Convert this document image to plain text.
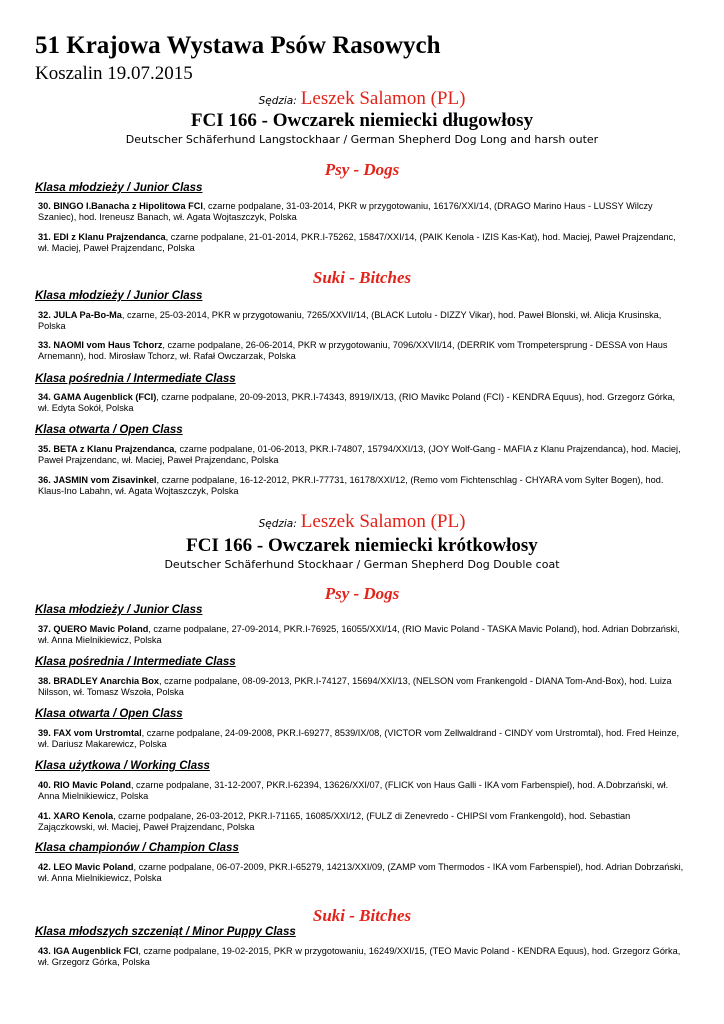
51 Krajowa Wystawa Psów Rasowych
Koszalin 19.07.2015
Sędzia: Leszek Salamon (PL)
FCI 166 - Owczarek niemiecki długowłosy
Deutscher Schäferhund Langstockhaar / German Shepherd Dog Long and harsh outer
Psy - Dogs
Klasa młodzieży / Junior Class
30. BINGO I.Banacha z Hipolitowa FCI, czarne podpalane, 31-03-2014, PKR w przygotowaniu, 16176/XXI/14, (DRAGO Marino Haus - LUSSY Wilczy Szaniec), hod. Ireneusz Banach, wł. Agata Wojtaszczyk, Polska
31. EDI z Klanu Prajzendanca, czarne podpalane, 21-01-2014, PKR.I-75262, 15847/XXI/14, (PAIK Kenola - IZIS Kas-Kat), hod. Maciej, Paweł Prajzendanc, wł. Maciej, Paweł Prajzendanc, Polska
Suki - Bitches
Klasa młodzieży / Junior Class
32. JULA Pa-Bo-Ma, czarne, 25-03-2014, PKR w przygotowaniu, 7265/XXVII/14, (BLACK Lutolu - DIZZY Vikar), hod. Paweł Blonski, wł. Alicja Krusinska, Polska
33. NAOMI vom Haus Tchorz, czarne podpalane, 26-06-2014, PKR w przygotowaniu, 7096/XXVII/14, (DERRIK vom Trompetersprung - DESSA von Haus Arnemann), hod. Mirosław Tchorz, wł. Rafał Owczarzak, Polska
Klasa pośrednia / Intermediate Class
34. GAMA Augenblick (FCI), czarne podpalane, 20-09-2013, PKR.I-74343, 8919/IX/13, (RIO Mavikc Poland (FCI) - KENDRA Equus), hod. Grzegorz Górka, wł. Edyta Sokół, Polska
Klasa otwarta / Open Class
35. BETA z Klanu Prajzendanca, czarne podpalane, 01-06-2013, PKR.I-74807, 15794/XXI/13, (JOY Wolf-Gang - MAFIA z Klanu Prajzendanca), hod. Maciej, Paweł Prajzendanc, wł. Maciej, Paweł Prajzendanc, Polska
36. JASMIN vom Zisavinkel, czarne podpalane, 16-12-2012, PKR.I-77731, 16178/XXI/12, (Remo vom Fichtenschlag - CHYARA vom Sylter Bogen), hod. Klaus-Ino Labahn, wł. Agata Wojtaszczyk, Polska
Sędzia: Leszek Salamon (PL)
FCI 166 - Owczarek niemiecki krótkowłosy
Deutscher Schäferhund Stockhaar / German Shepherd Dog Double coat
Psy - Dogs
Klasa młodzieży / Junior Class
37. QUERO Mavic Poland, czarne podpalane, 27-09-2014, PKR.I-76925, 16055/XXI/14, (RIO Mavic Poland - TASKA Mavic Poland), hod. Adrian Dobrzański, wł. Anna Mielnikiewicz, Polska
Klasa pośrednia / Intermediate Class
38. BRADLEY Anarchia Box, czarne podpalane, 08-09-2013, PKR.I-74127, 15694/XXI/13, (NELSON vom Frankengold - DIANA Tom-And-Box), hod. Luiza Nilsson, wł. Tomasz Wszoła, Polska
Klasa otwarta / Open Class
39. FAX vom Urstromtal, czarne podpalane, 24-09-2008, PKR.I-69277, 8539/IX/08, (VICTOR vom Zellwaldrand - CINDY vom Urstromtal), hod. Fred Heinze, wł. Dariusz Makarewicz, Polska
Klasa użytkowa / Working Class
40. RIO Mavic Poland, czarne podpalane, 31-12-2007, PKR.I-62394, 13626/XXI/07, (FLICK von Haus Galli - IKA vom Farbenspiel), hod. A.Dobrzański, wł. Anna Mielnikiewicz, Polska
41. XARO Kenola, czarne podpalane, 26-03-2012, PKR.I-71165, 16085/XXI/12, (FULZ di Zenevredo - CHIPSI vom Frankengold), hod. Sebastian Zajączkowski, wł. Maciej, Paweł Prajzendanc, Polska
Klasa championów / Champion Class
42. LEO Mavic Poland, czarne podpalane, 06-07-2009, PKR.I-65279, 14213/XXI/09, (ZAMP vom Thermodos - IKA vom Farbenspiel), hod. Adrian Dobrzański, wł. Anna Mielnikiewicz, Polska
Suki - Bitches
Klasa młodszych szczeniąt / Minor Puppy Class
43. IGA Augenblick FCI, czarne podpalane, 19-02-2015, PKR w przygotowaniu, 16249/XXI/15, (TEO Mavic Poland - KENDRA Equus), hod. Grzegorz Górka, wł. Grzegorz Górka, Polska
